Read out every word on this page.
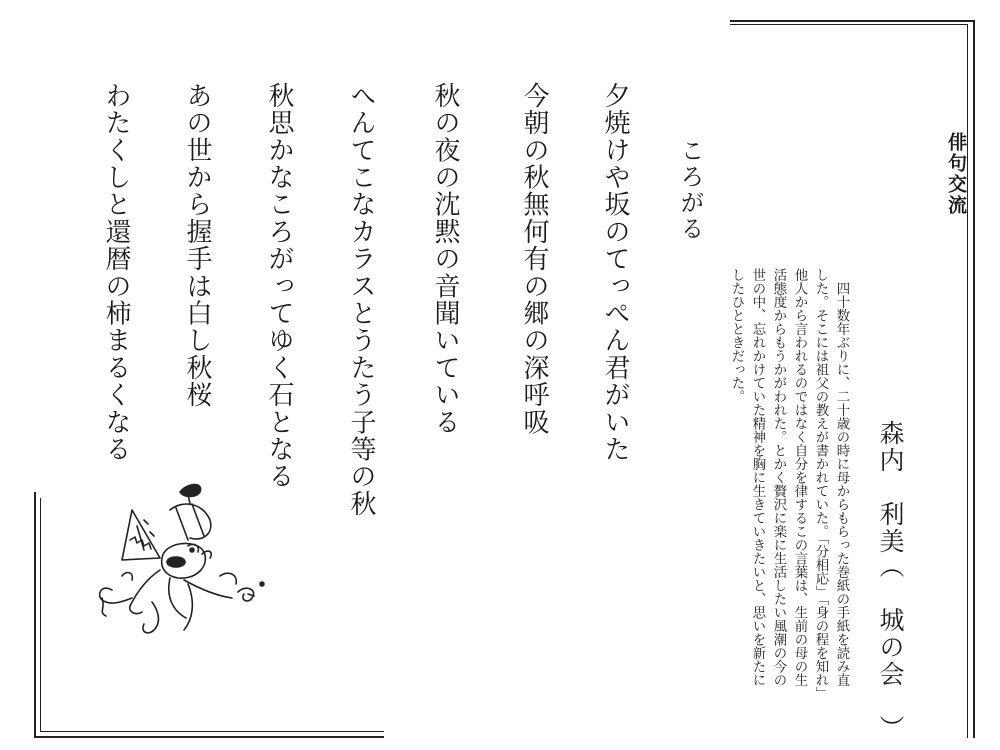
俳句交流
ころがる
夕焼けや坂のてっぺん君がいた
今朝の秋無何有の郷の深呼吸
秋の夜の沈黙の音聞いている
へんてこなカラスとうたう子等の秋
秋思かなころがってゆく石となる
あの世から握手は白し秋桜
わたくしと還暦の柿まるくなる
森内　利美
（　城の会　）
　四十数年ぶりに、二十歳の時に母からもらった巻紙の手紙を読み直
した。そこには祖父の教えが書かれていた。「分相応」「身の程を知れ」
他人から言われるのではなく自分を律するこの言葉は、生前の母の生
活態度からもうかがわれた。とかく贅沢に楽に生活したい風潮の今の
世の中、忘れかけていた精神を胸に生きていきたいと、思いを新たに
したひとときだった。
